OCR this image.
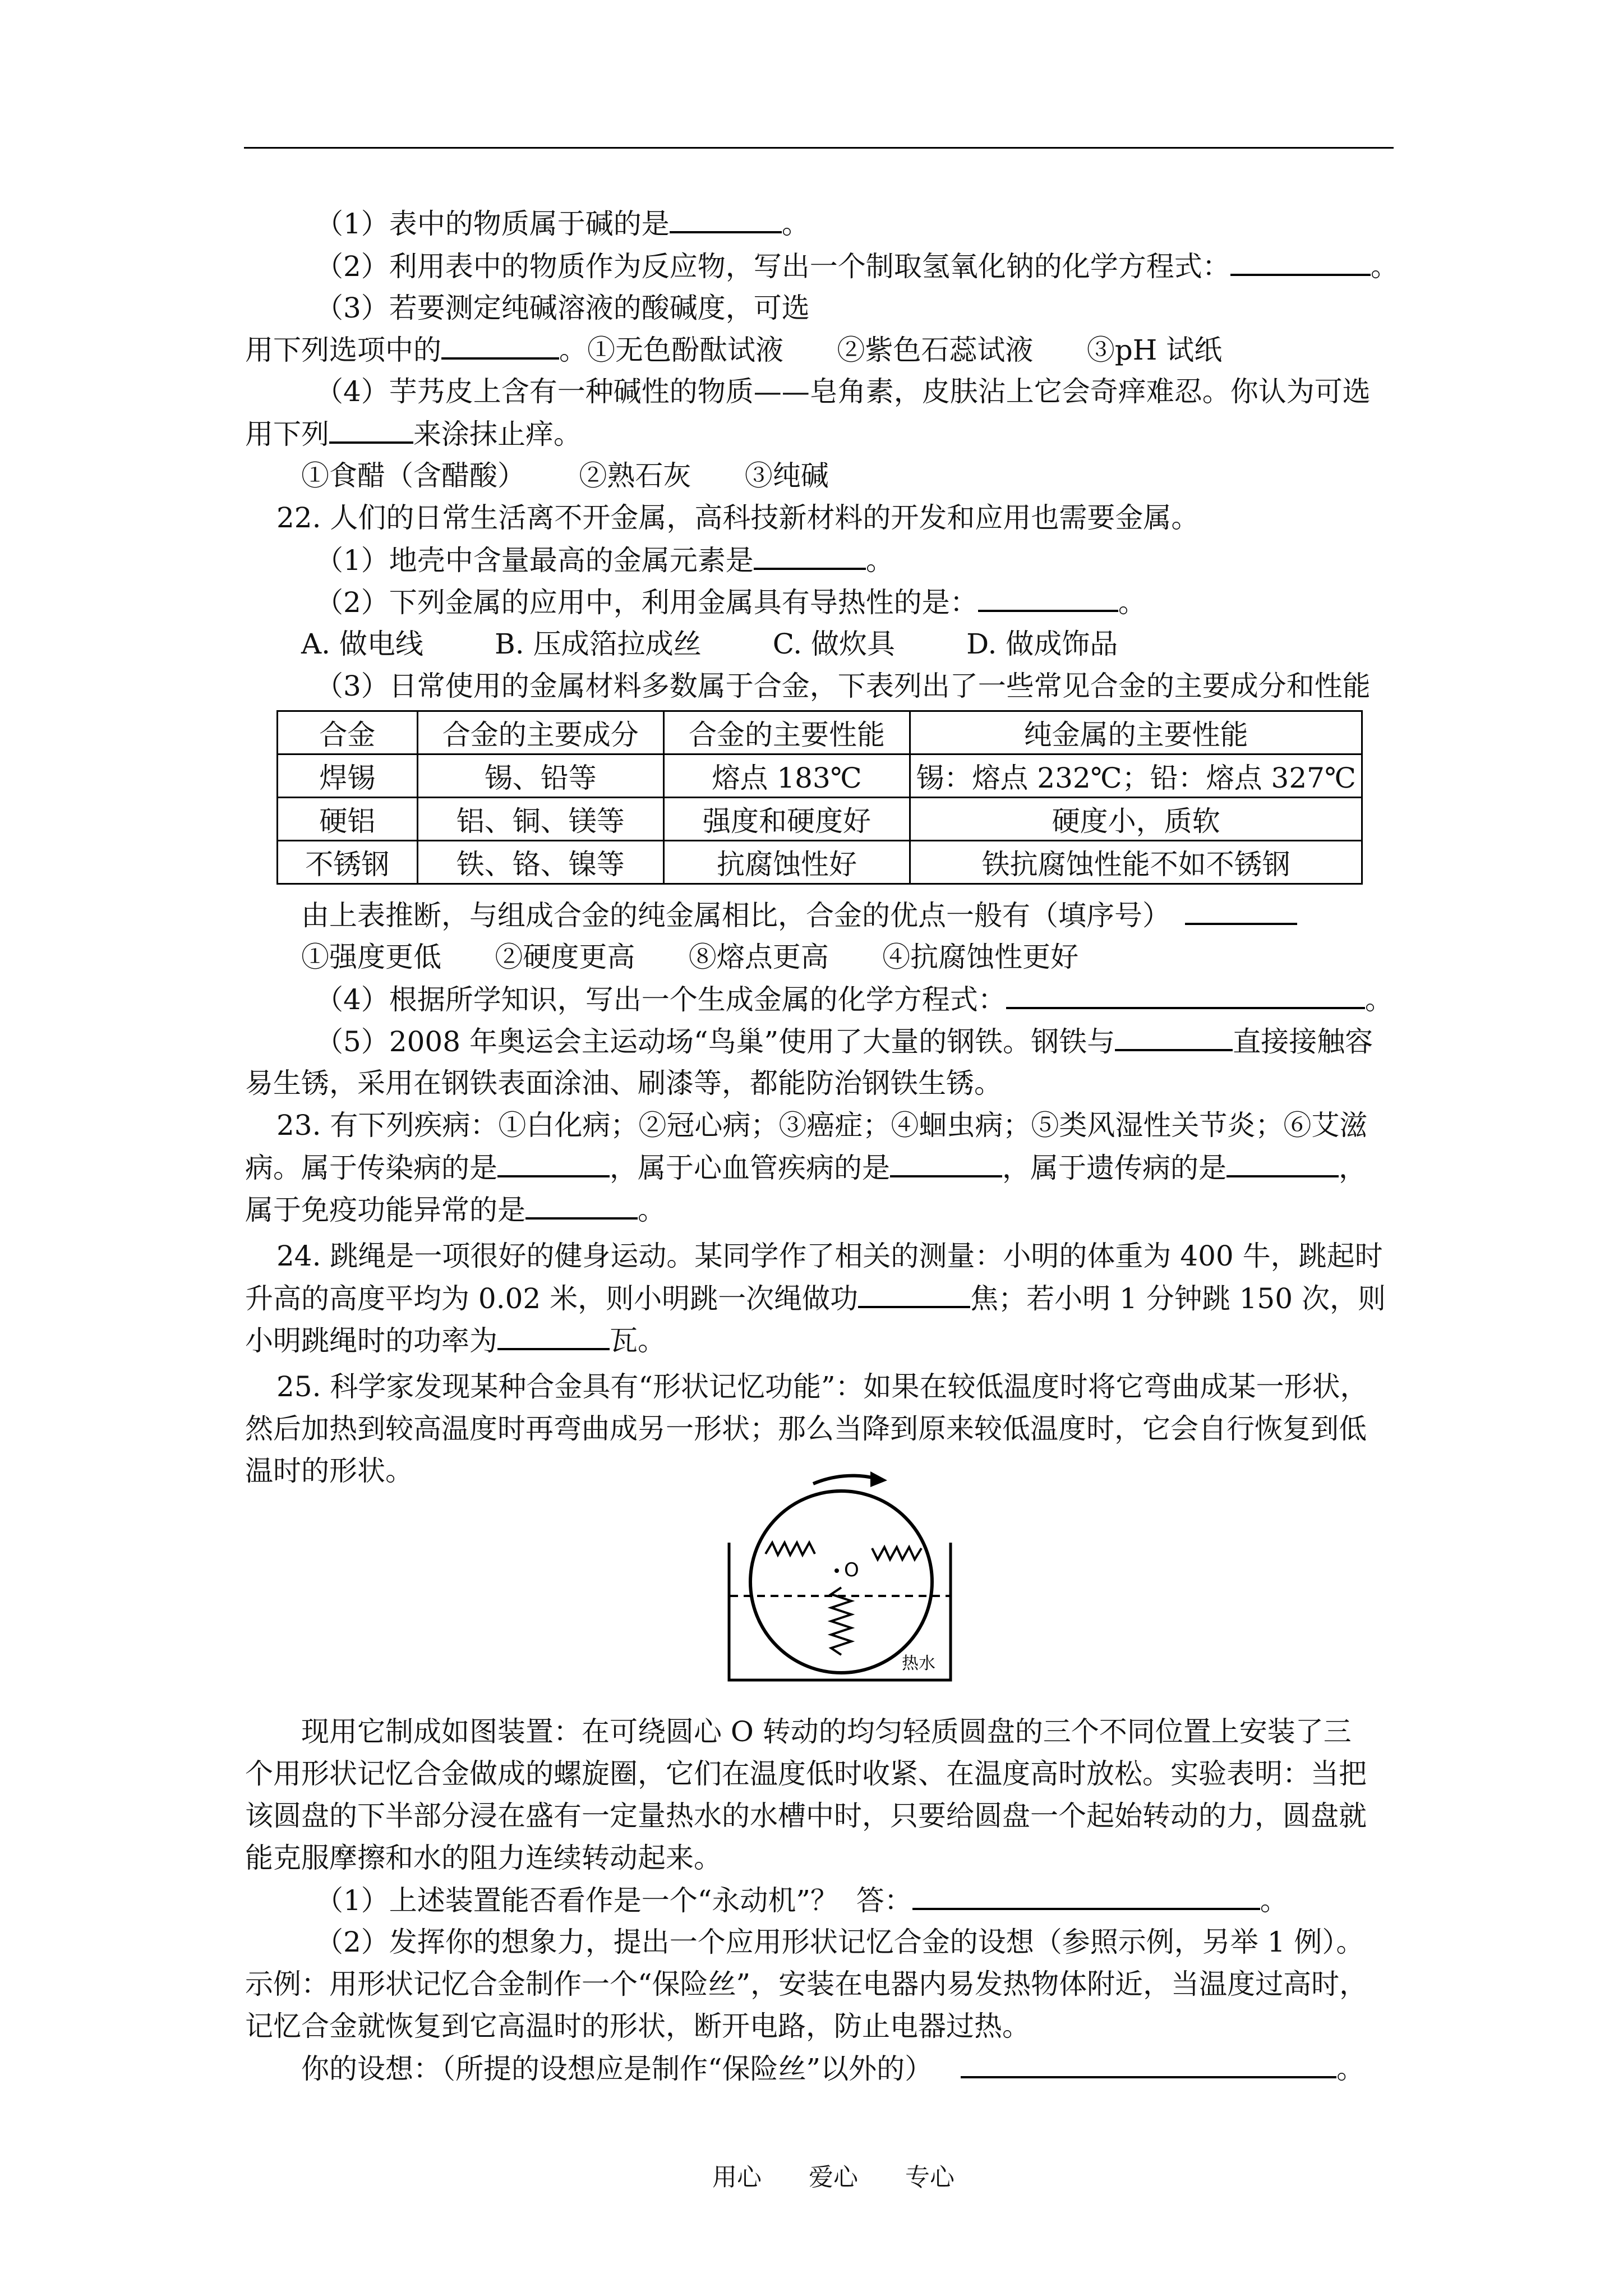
（1）表中的物质属于碱的是	。
（2）利用表中的物质作为反应物，写出一个制取氢氧化钠的化学方程式：	。
（3）若要测定纯碱溶液的酸碱度，可选
用下列选项中的	。①无色酚酞试液      ②紫色石蕊试液      ③pH 试纸
（4）芋艿皮上含有一种碱性的物质——皂角素，皮肤沾上它会奇痒难忍。你认为可选
用下列	来涂抹止痒。
①食醋（含醋酸）      ②熟石灰      ③纯碱
22. 人们的日常生活离不开金属，高科技新材料的开发和应用也需要金属。
（1）地壳中含量最高的金属元素是	。
（2）下列金属的应用中，利用金属具有导热性的是：	。
A. 做电线        B. 压成箔拉成丝        C. 做炊具        D. 做成饰品
（3）日常使用的金属材料多数属于合金，下表列出了一些常见合金的主要成分和性能
合金	合金的主要成分	合金的主要性能	纯金属的主要性能
焊锡	锡、铅等	熔点 183℃	锡：熔点 232℃；铅：熔点 327℃
硬铝	铝、铜、镁等	强度和硬度好	硬度小，质软
不锈钢	铁、铬、镍等	抗腐蚀性好	铁抗腐蚀性能不如不锈钢
由上表推断，与组成合金的纯金属相比，合金的优点一般有（填序号）
①强度更低      ②硬度更高      ⑧熔点更高      ④抗腐蚀性更好
（4）根据所学知识，写出一个生成金属的化学方程式：	。
（5）2008 年奥运会主运动场“鸟巢”使用了大量的钢铁。钢铁与	直接接触容
易生锈，采用在钢铁表面涂油、刷漆等，都能防治钢铁生锈。
23. 有下列疾病：①白化病；②冠心病；③癌症；④蛔虫病；⑤类风湿性关节炎；⑥艾滋
病。属于传染病的是	，属于心血管疾病的是	，属于遗传病的是	，
属于免疫功能异常的是	。
24. 跳绳是一项很好的健身运动。某同学作了相关的测量：小明的体重为 400 牛，跳起时
升高的高度平均为 0.02 米，则小明跳一次绳做功	焦；若小明 1 分钟跳 150 次，则
小明跳绳时的功率为	瓦。
25. 科学家发现某种合金具有“形状记忆功能”：如果在较低温度时将它弯曲成某一形状，
然后加热到较高温度时再弯曲成另一形状；那么当降到原来较低温度时，它会自行恢复到低
温时的形状。
O
热水
现用它制成如图装置：在可绕圆心 O 转动的均匀轻质圆盘的三个不同位置上安装了三
个用形状记忆合金做成的螺旋圈，它们在温度低时收紧、在温度高时放松。实验表明：当把
该圆盘的下半部分浸在盛有一定量热水的水槽中时，只要给圆盘一个起始转动的力，圆盘就
能克服摩擦和水的阻力连续转动起来。
（1）上述装置能否看作是一个“永动机”？  答：	。
（2）发挥你的想象力，提出一个应用形状记忆合金的设想（参照示例，另举 1 例）。
示例：用形状记忆合金制作一个“保险丝”，安装在电器内易发热物体附近，当温度过高时，
记忆合金就恢复到它高温时的形状，断开电路，防止电器过热。
你的设想：（所提的设想应是制作“保险丝”以外的）	。
用心 爱心 专心
